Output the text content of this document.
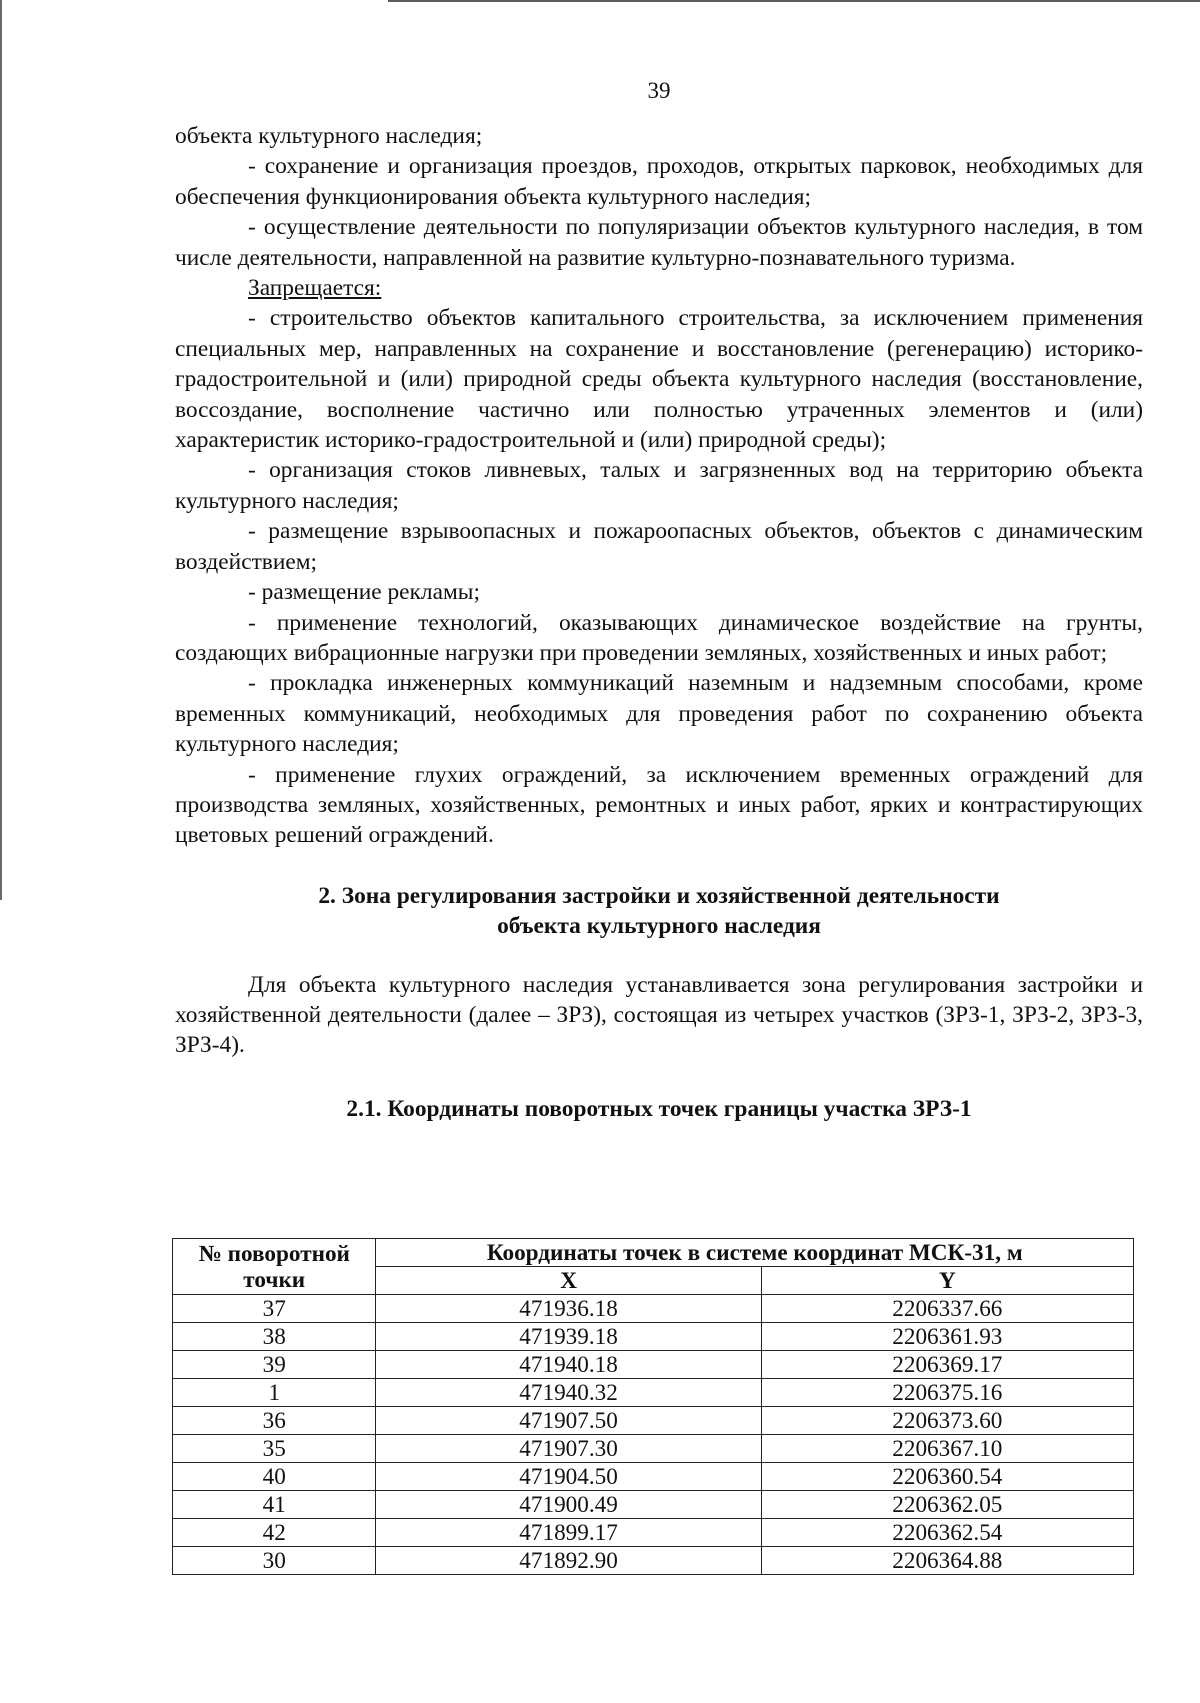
39

объекта культурного наследия;

- сохранение и организация проездов, проходов, открытых парковок, необходимых для обеспечения функционирования объекта культурного наследия;

- осуществление деятельности по популяризации объектов культурного наследия, в том числе деятельности, направленной на развитие культурно-познавательного туризма.

Запрещается:

- строительство объектов капитального строительства, за исключением применения специальных мер, направленных на сохранение и восстановление (регенерацию) историко-градостроительной и (или) природной среды объекта культурного наследия (восстановление, воссоздание, восполнение частично или полностью утраченных элементов и (или) характеристик историко-градостроительной и (или) природной среды);

- организация стоков ливневых, талых и загрязненных вод на территорию объекта культурного наследия;

- размещение взрывоопасных и пожароопасных объектов, объектов с динамическим воздействием;

- размещение рекламы;

- применение технологий, оказывающих динамическое воздействие на грунты, создающих вибрационные нагрузки при проведении земляных, хозяйственных и иных работ;

- прокладка инженерных коммуникаций наземным и надземным способами, кроме временных коммуникаций, необходимых для проведения работ по сохранению объекта культурного наследия;

- применение глухих ограждений, за исключением временных ограждений для производства земляных, хозяйственных, ремонтных и иных работ, ярких и контрастирующих цветовых решений ограждений.

2. Зона регулирования застройки и хозяйственной деятельности

объекта культурного наследия

Для объекта культурного наследия устанавливается зона регулирования застройки и хозяйственной деятельности (далее – ЗРЗ), состоящая из четырех участков (ЗРЗ-1, ЗРЗ-2, ЗРЗ-3, ЗРЗ-4).

2.1. Координаты поворотных точек границы участка ЗРЗ-1

№ поворотной точки	Координаты точек в системе координат МСК-31, м	
	X	Y
37	471936.18	2206337.66
38	471939.18	2206361.93
39	471940.18	2206369.17
1	471940.32	2206375.16
36	471907.50	2206373.60
35	471907.30	2206367.10
40	471904.50	2206360.54
41	471900.49	2206362.05
42	471899.17	2206362.54
30	471892.90	2206364.88
